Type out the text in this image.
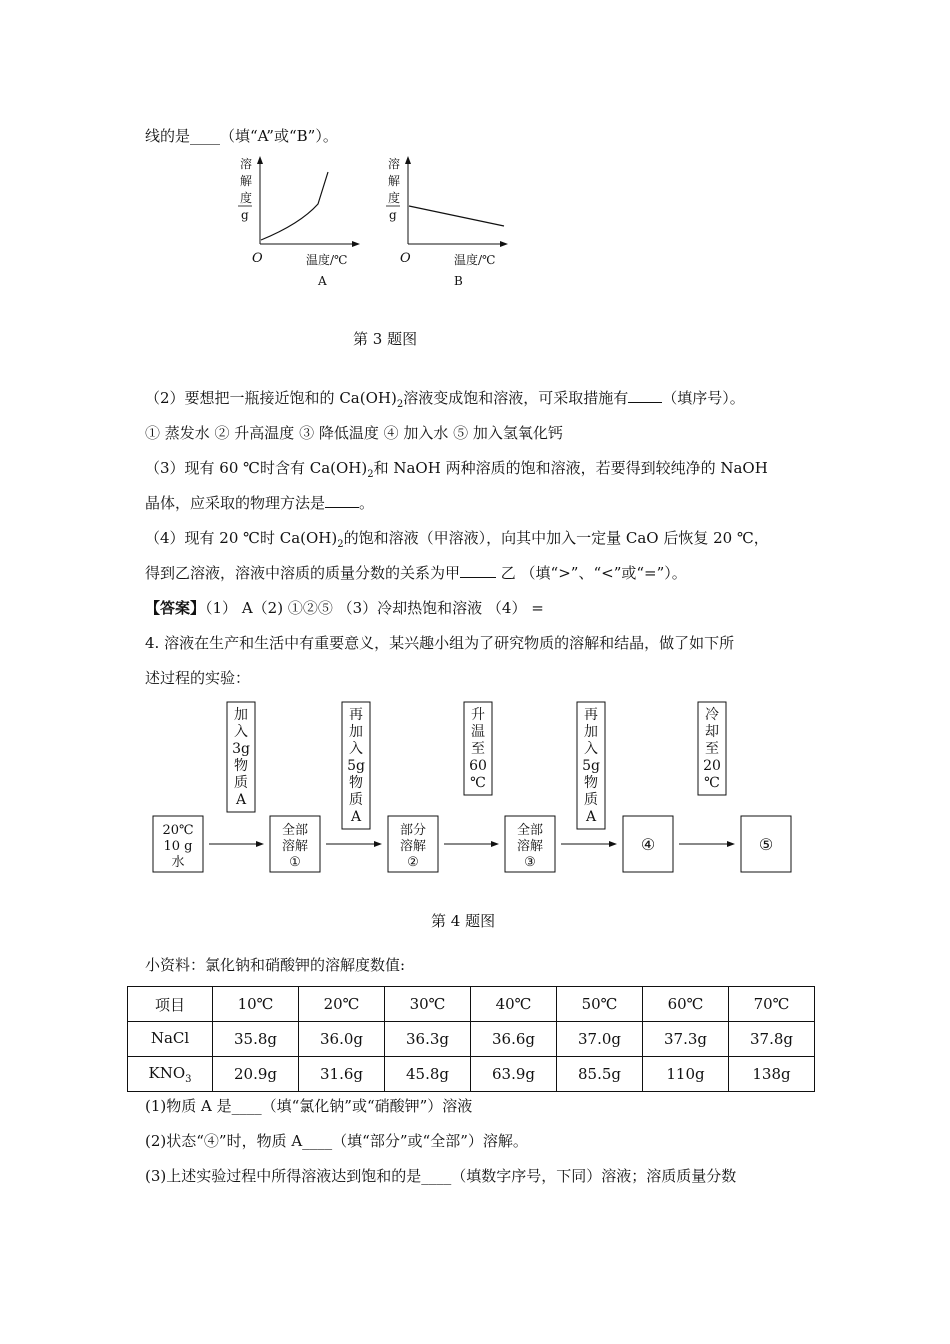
线的是____（填“A”或“B”）。
溶
解
度
g
O	温度/℃
A
溶
解
度
g
O	温度/℃
B
第 3 题图
（2）要想把一瓶接近饱和的 $Ca(OH)_2$溶液变成饱和溶液，可采取措施有 （填序号）。
① 蒸发水 ② 升高温度 ③ 降低温度 ④ 加入水 ⑤ 加入氢氧化钙
（3）现有 60 ℃时含有 $Ca(OH)_2$和 NaOH 两种溶质的饱和溶液，若要得到较纯净的 NaOH
晶体，应采取的物理方法是 。
（4）现有 20 ℃时 $Ca(OH)_2$的饱和溶液（甲溶液），向其中加入一定量 CaO 后恢复 20 ℃，
得到乙溶液，溶液中溶质的质量分数的关系为甲 乙 （填“>”、“<”或“=”）。
【答案】（1） A（2) ①②⑤ （3）冷却热饱和溶液 （4） =
4. 溶液在生产和生活中有重要意义，某兴趣小组为了研究物质的溶解和结晶，做了如下所
述过程的实验：
20℃
10 g
水
全部
溶解
①
部分
溶解
②
全部
溶解
③
④	⑤
加
入
3g
物
质
A
再
加
入
5g
物
质
A
升
温
至
60
℃
再
加
入
5g
物
质
A
冷
却
至
20
℃
第 4 题图
小资料：氯化钠和硝酸钾的溶解度数值:
项目	10℃	20℃	30℃	40℃	50℃	60℃	70℃
NaCl	35.8g	36.0g	36.3g	36.6g	37.0g	37.3g	37.8g
$KNO_3$	20.9g	31.6g	45.8g	63.9g	85.5g	110g	138g
(1)物质 A 是____（填“氯化钠”或“硝酸钾”）溶液
(2)状态“④”时，物质 A____（填“部分”或“全部”）溶解。
(3)上述实验过程中所得溶液达到饱和的是____（填数字序号，下同）溶液；溶质质量分数
